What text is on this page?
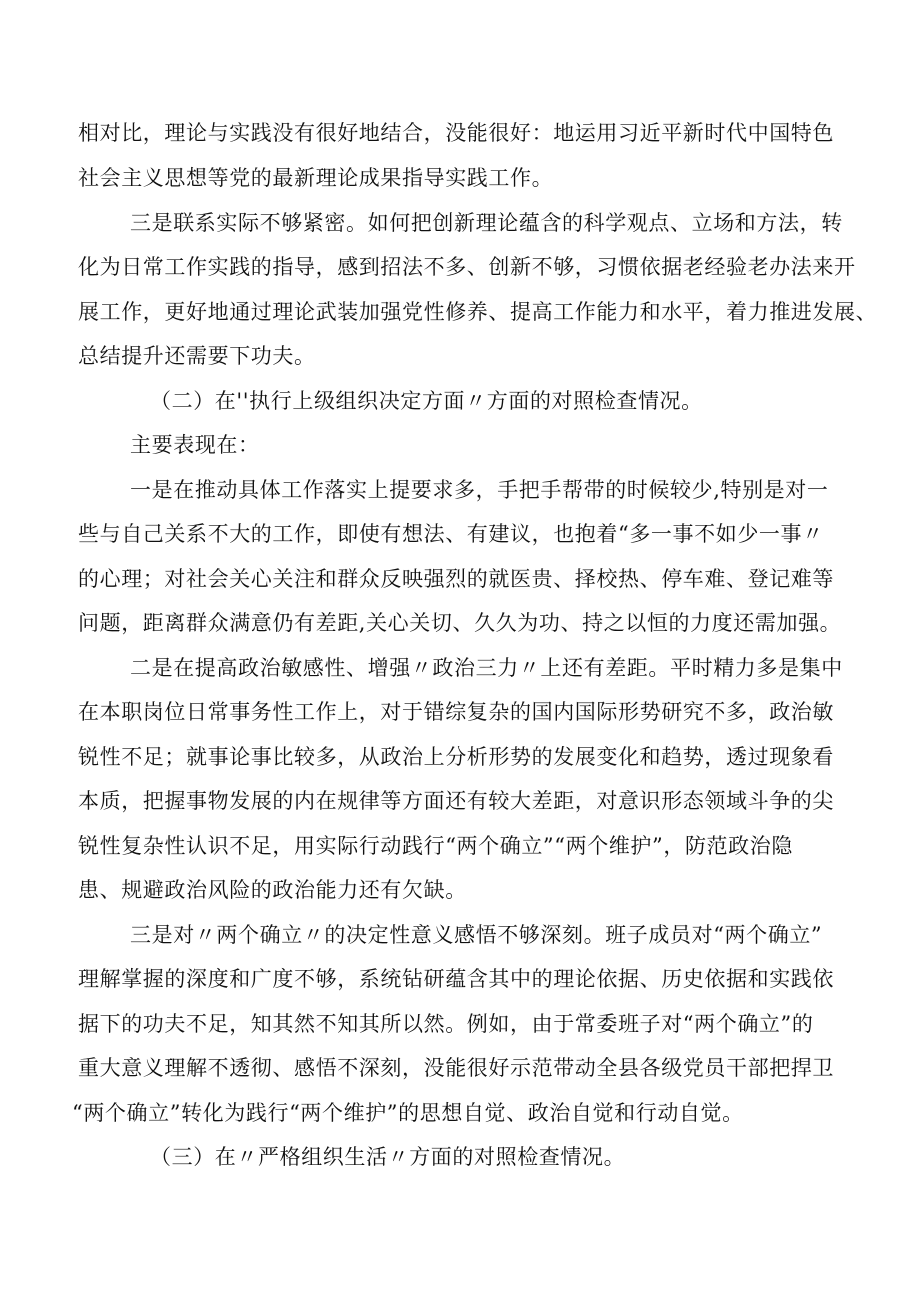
相对比，理论与实践没有很好地结合，没能很好：地运用习近平新时代中国特色
社会主义思想等党的最新理论成果指导实践工作。
三是联系实际不够紧密。如何把创新理论蕴含的科学观点、立场和方法，转
化为日常工作实践的指导，感到招法不多、创新不够，习惯依据老经验老办法来开
展工作，更好地通过理论武装加强党性修养、提高工作能力和水平，着力推进发展、
总结提升还需要下功夫。
（二）在''执行上级组织决定方面〃方面的对照检查情况。
主要表现在：
一是在推动具体工作落实上提要求多，手把手帮带的时候较少,特别是对一
些与自己关系不大的工作，即使有想法、有建议，也抱着“多一事不如少一事〃
的心理；对社会关心关注和群众反映强烈的就医贵、择校热、停车难、登记难等
问题，距离群众满意仍有差距,关心关切、久久为功、持之以恒的力度还需加强。
二是在提高政治敏感性、增强〃政治三力〃上还有差距。平时精力多是集中
在本职岗位日常事务性工作上，对于错综复杂的国内国际形势研究不多，政治敏
锐性不足；就事论事比较多，从政治上分析形势的发展变化和趋势，透过现象看
本质，把握事物发展的内在规律等方面还有较大差距，对意识形态领域斗争的尖
锐性复杂性认识不足，用实际行动践行“两个确立”“两个维护”，防范政治隐
患、规避政治风险的政治能力还有欠缺。
三是对〃两个确立〃的决定性意义感悟不够深刻。班子成员对“两个确立”
理解掌握的深度和广度不够，系统钻研蕴含其中的理论依据、历史依据和实践依
据下的功夫不足，知其然不知其所以然。例如，由于常委班子对“两个确立”的
重大意义理解不透彻、感悟不深刻，没能很好示范带动全县各级党员干部把捍卫
“两个确立”转化为践行“两个维护”的思想自觉、政治自觉和行动自觉。
（三）在〃严格组织生活〃方面的对照检查情况。
